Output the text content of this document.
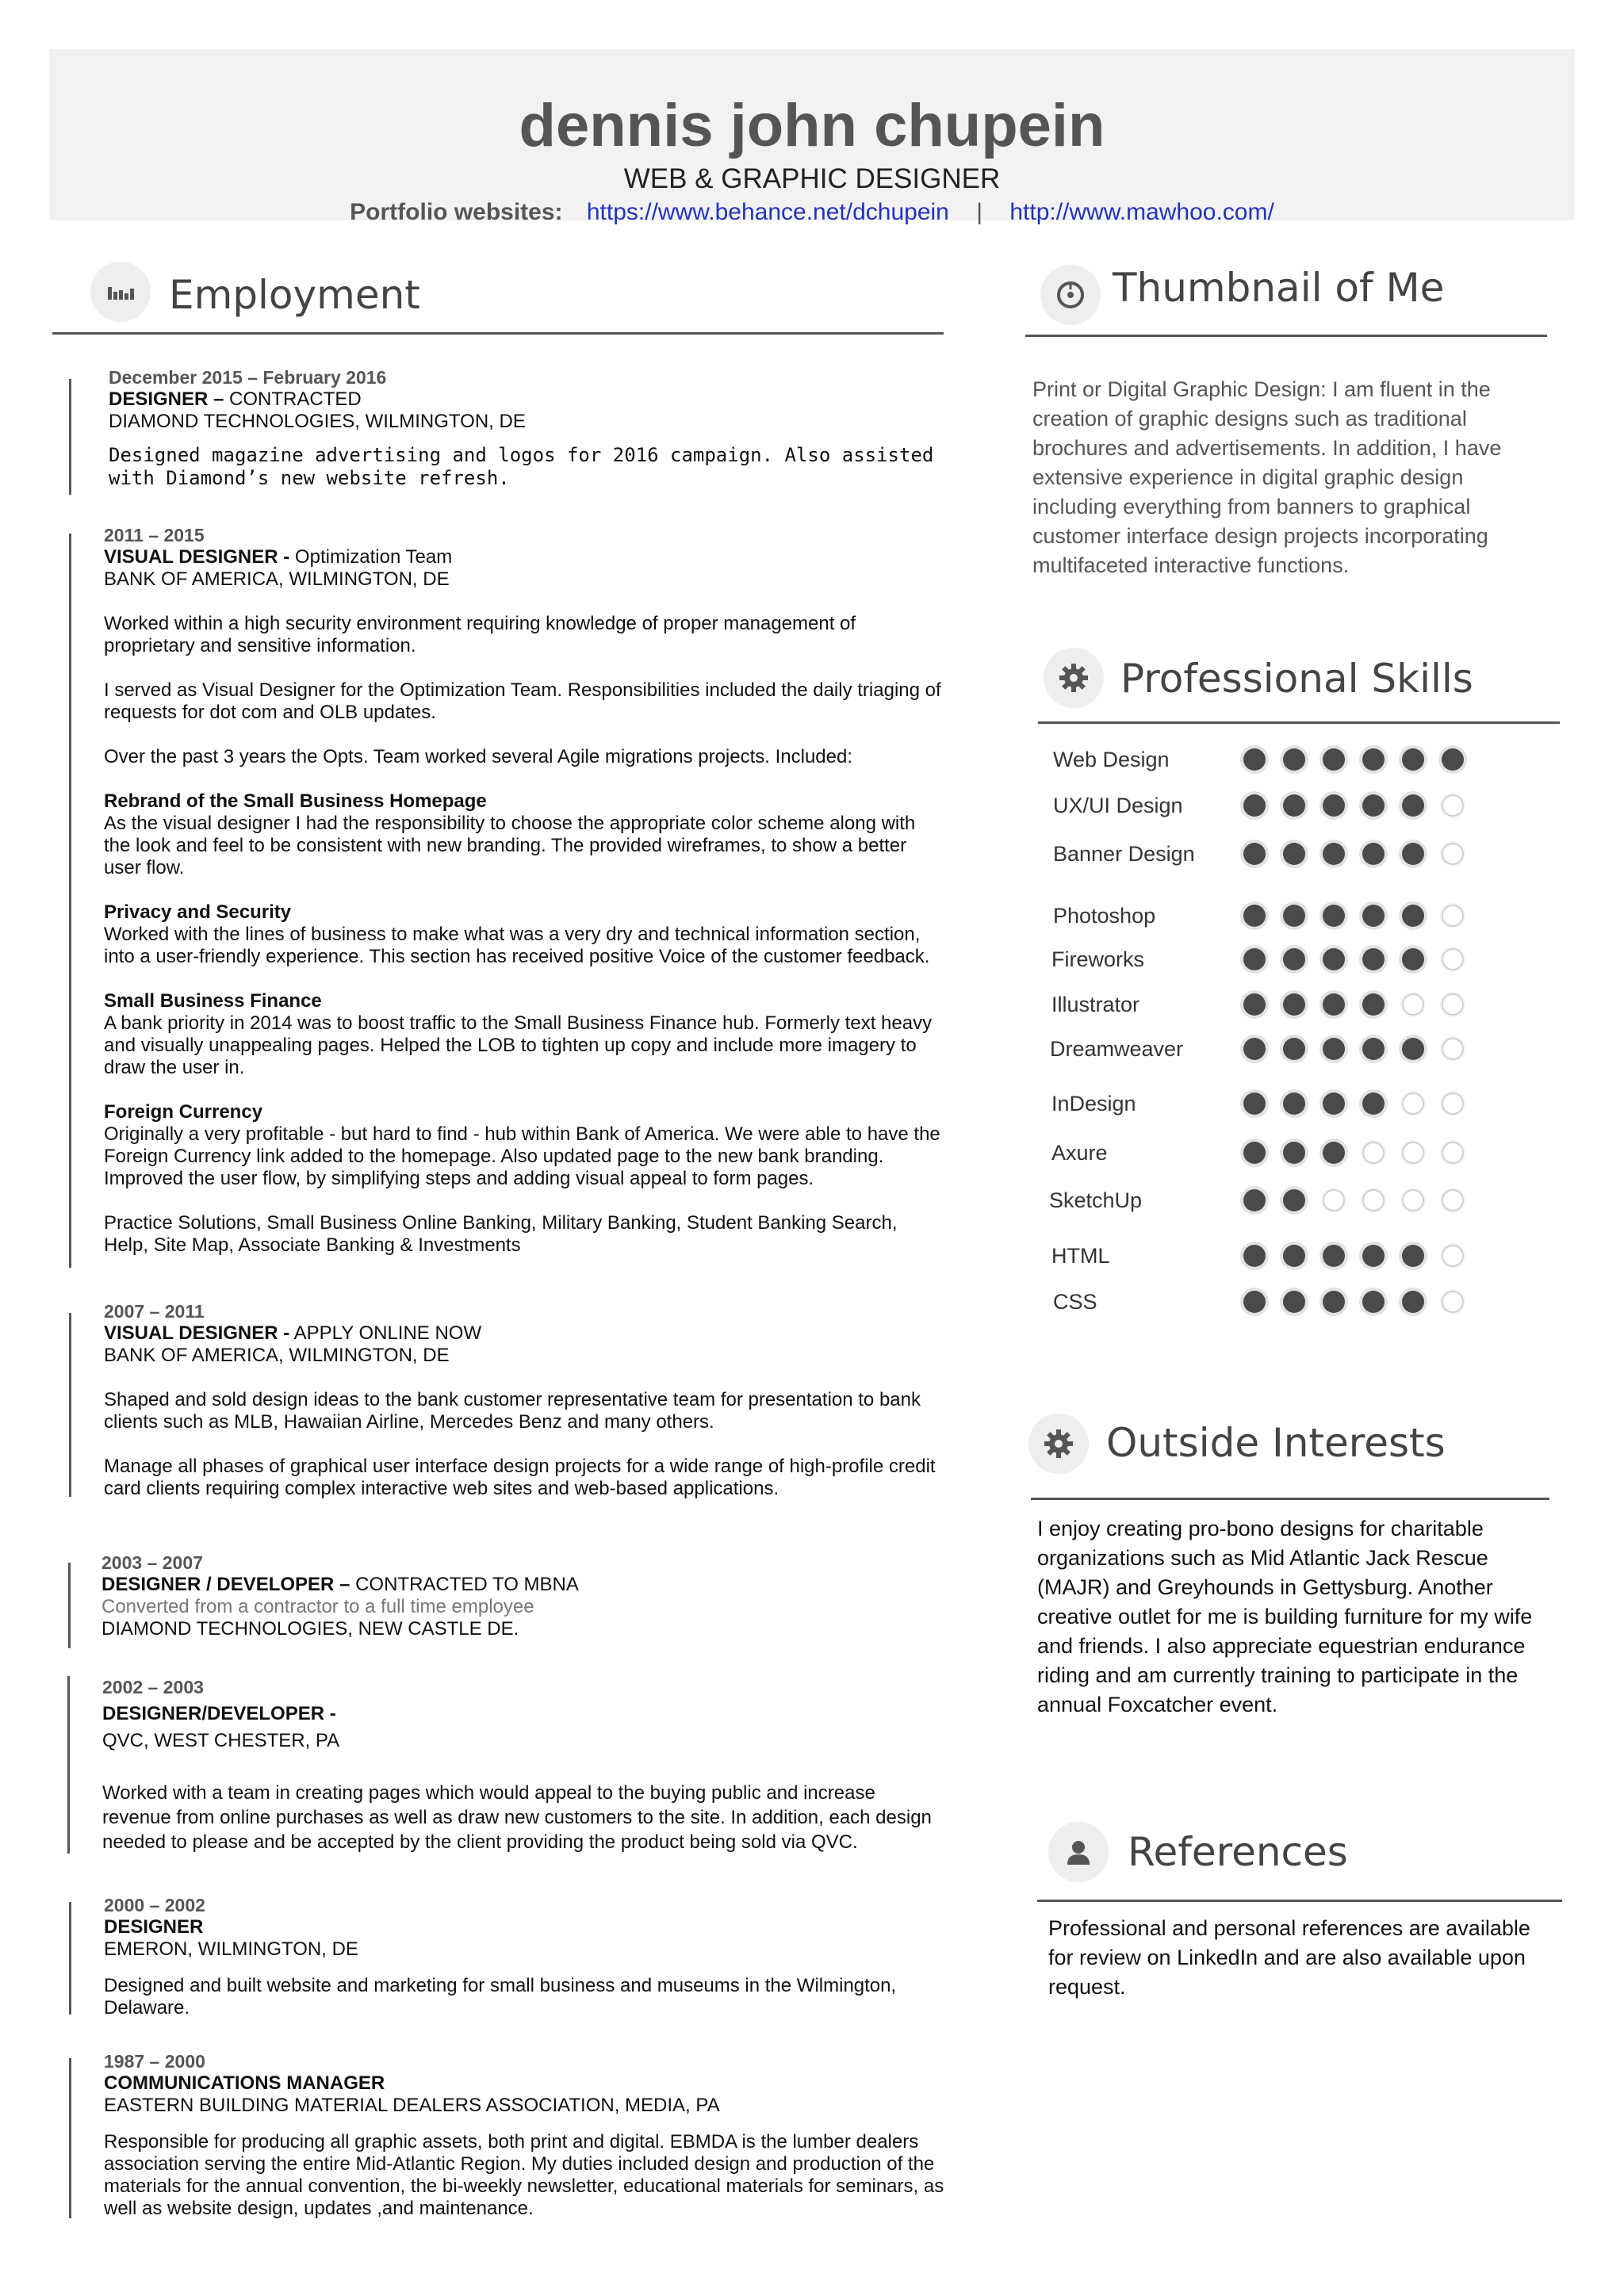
dennis john chupein
WEB & GRAPHIC DESIGNER
Portfolio websites: https://www.behance.net/dchupein | http://www.mawhoo.com/
Employment
December 2015 – February 2016
DESIGNER – CONTRACTED
DIAMOND TECHNOLOGIES, WILMINGTON, DE

Designed magazine advertising and logos for 2016 campaign. Also assisted with Diamond’s new website refresh.

2011 – 2015
VISUAL DESIGNER - Optimization Team
BANK OF AMERICA, WILMINGTON, DE

Worked within a high security environment requiring knowledge of proper management of proprietary and sensitive information.

I served as Visual Designer for the Optimization Team. Responsibilities included the daily triaging of requests for dot com and OLB updates.

Over the past 3 years the Opts. Team worked several Agile migrations projects. Included:

Rebrand of the Small Business Homepage

As the visual designer I had the responsibility to choose the appropriate color scheme along with the look and feel to be consistent with new branding. The provided wireframes, to show a better user flow.

Privacy and Security

Worked with the lines of business to make what was a very dry and technical information section, into a user-friendly experience. This section has received positive Voice of the customer feedback.

Small Business Finance

A bank priority in 2014 was to boost traffic to the Small Business Finance hub. Formerly text heavy and visually unappealing pages. Helped the LOB to tighten up copy and include more imagery to draw the user in.

Foreign Currency

Originally a very profitable - but hard to find - hub within Bank of America. We were able to have the Foreign Currency link added to the homepage. Also updated page to the new bank branding. Improved the user flow, by simplifying steps and adding visual appeal to form pages.

Practice Solutions, Small Business Online Banking, Military Banking, Student Banking Search, Help, Site Map, Associate Banking & Investments

2007 – 2011
VISUAL DESIGNER - APPLY ONLINE NOW
BANK OF AMERICA, WILMINGTON, DE

Shaped and sold design ideas to the bank customer representative team for presentation to bank clients such as MLB, Hawaiian Airline, Mercedes Benz and many others.

Manage all phases of graphical user interface design projects for a wide range of high-profile credit card clients requiring complex interactive web sites and web-based applications.

2003 – 2007
DESIGNER / DEVELOPER – CONTRACTED TO MBNA
Converted from a contractor to a full time employee
DIAMOND TECHNOLOGIES, NEW CASTLE DE.
2002 – 2003
DESIGNER/DEVELOPER -
QVC, WEST CHESTER, PA

Worked with a team in creating pages which would appeal to the buying public and increase revenue from online purchases as well as draw new customers to the site. In addition, each design needed to please and be accepted by the client providing the product being sold via QVC.

2000 – 2002
DESIGNER
EMERON, WILMINGTON, DE

Designed and built website and marketing for small business and museums in the Wilmington, Delaware.

1987 – 2000
COMMUNICATIONS MANAGER
EASTERN BUILDING MATERIAL DEALERS ASSOCIATION, MEDIA, PA

Responsible for producing all graphic assets, both print and digital. EBMDA is the lumber dealers association serving the entire Mid-Atlantic Region. My duties included design and production of the materials for the annual convention, the bi-weekly newsletter, educational materials for seminars, as well as website design, updates ,and maintenance.

Thumbnail of Me
Print or Digital Graphic Design: I am fluent in the creation of graphic designs such as traditional brochures and advertisements. In addition, I have extensive experience in digital graphic design including everything from banners to graphical customer interface design projects incorporating multifaceted interactive functions.
Professional Skills
Web Design
UX/UI Design
Banner Design
Photoshop
Fireworks
Illustrator
Dreamweaver
InDesign
Axure
SketchUp
HTML
CSS
Outside Interests
I enjoy creating pro-bono designs for charitable organizations such as Mid Atlantic Jack Rescue (MAJR) and Greyhounds in Gettysburg. Another creative outlet for me is building furniture for my wife and friends. I also appreciate equestrian endurance riding and am currently training to participate in the annual Foxcatcher event.
References
Professional and personal references are available for review on LinkedIn and are also available upon request.
